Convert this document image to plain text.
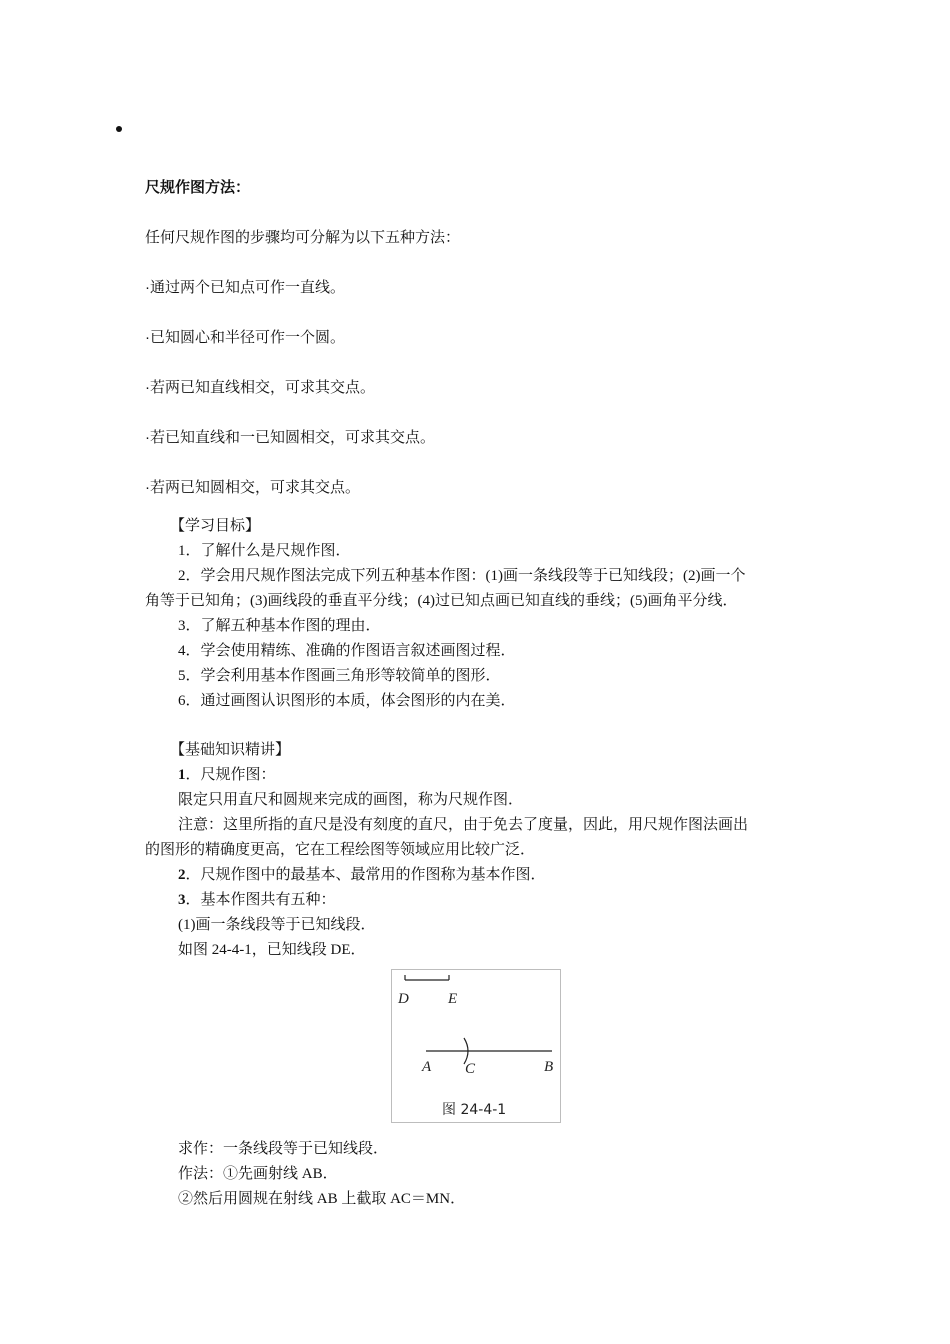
尺规作图方法：
任何尺规作图的步骤均可分解为以下五种方法：
·通过两个已知点可作一直线。
·已知圆心和半径可作一个圆。
·若两已知直线相交，可求其交点。
·若已知直线和一已知圆相交，可求其交点。
·若两已知圆相交，可求其交点。
【学习目标】
1．了解什么是尺规作图．
2．学会用尺规作图法完成下列五种基本作图：(1)画一条线段等于已知线段；(2)画一个
角等于已知角；(3)画线段的垂直平分线；(4)过已知点画已知直线的垂线；(5)画角平分线．
3．了解五种基本作图的理由．
4．学会使用精练、准确的作图语言叙述画图过程．
5．学会利用基本作图画三角形等较简单的图形．
6．通过画图认识图形的本质，体会图形的内在美．
【基础知识精讲】
1．尺规作图：
限定只用直尺和圆规来完成的画图，称为尺规作图．
注意：这里所指的直尺是没有刻度的直尺，由于免去了度量，因此，用尺规作图法画出
的图形的精确度更高，它在工程绘图等领域应用比较广泛．
2．尺规作图中的最基本、最常用的作图称为基本作图．
3．基本作图共有五种：
(1)画一条线段等于已知线段．
如图 24-4-1，已知线段 DE．
D	E
A C	B
图 24-4-1
求作：一条线段等于已知线段．
作法：①先画射线 AB．
②然后用圆规在射线 AB 上截取 AC＝MN．
